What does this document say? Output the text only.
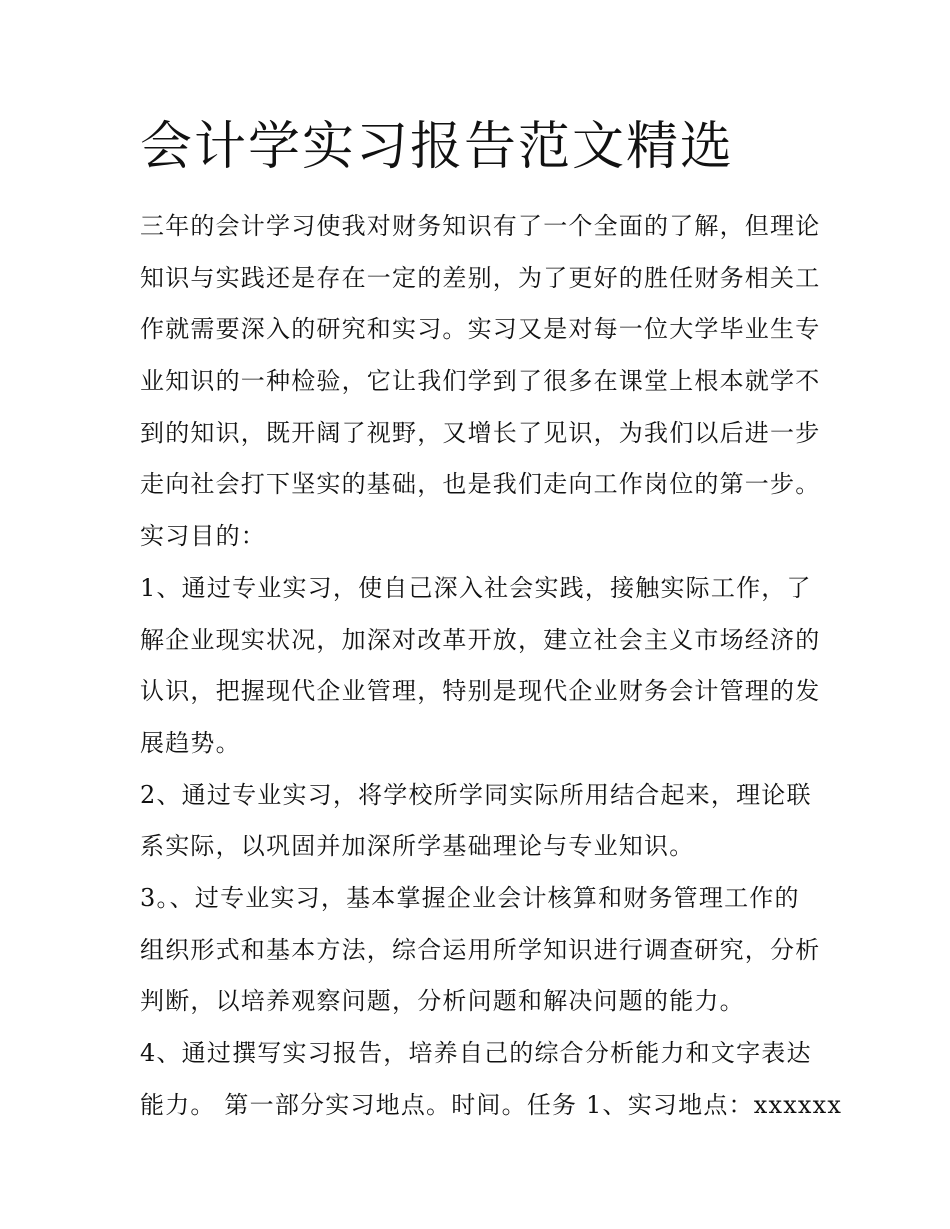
会计学实习报告范文精选
三年的会计学习使我对财务知识有了一个全面的了解，但理论
知识与实践还是存在一定的差别，为了更好的胜任财务相关工
作就需要深入的研究和实习。实习又是对每一位大学毕业生专
业知识的一种检验，它让我们学到了很多在课堂上根本就学不
到的知识，既开阔了视野，又增长了见识，为我们以后进一步
走向社会打下坚实的基础，也是我们走向工作岗位的第一步。
实习目的：
1、通过专业实习，使自己深入社会实践，接触实际工作，了
解企业现实状况，加深对改革开放，建立社会主义市场经济的
认识，把握现代企业管理，特别是现代企业财务会计管理的发
展趋势。
2、通过专业实习，将学校所学同实际所用结合起来，理论联
系实际，以巩固并加深所学基础理论与专业知识。
3。、过专业实习，基本掌握企业会计核算和财务管理工作的
组织形式和基本方法，综合运用所学知识进行调查研究，分析
判断，以培养观察问题，分析问题和解决问题的能力。
4、通过撰写实习报告，培养自己的综合分析能力和文字表达
能力。 第一部分实习地点。时间。任务 1、实习地点：xxxxxx
